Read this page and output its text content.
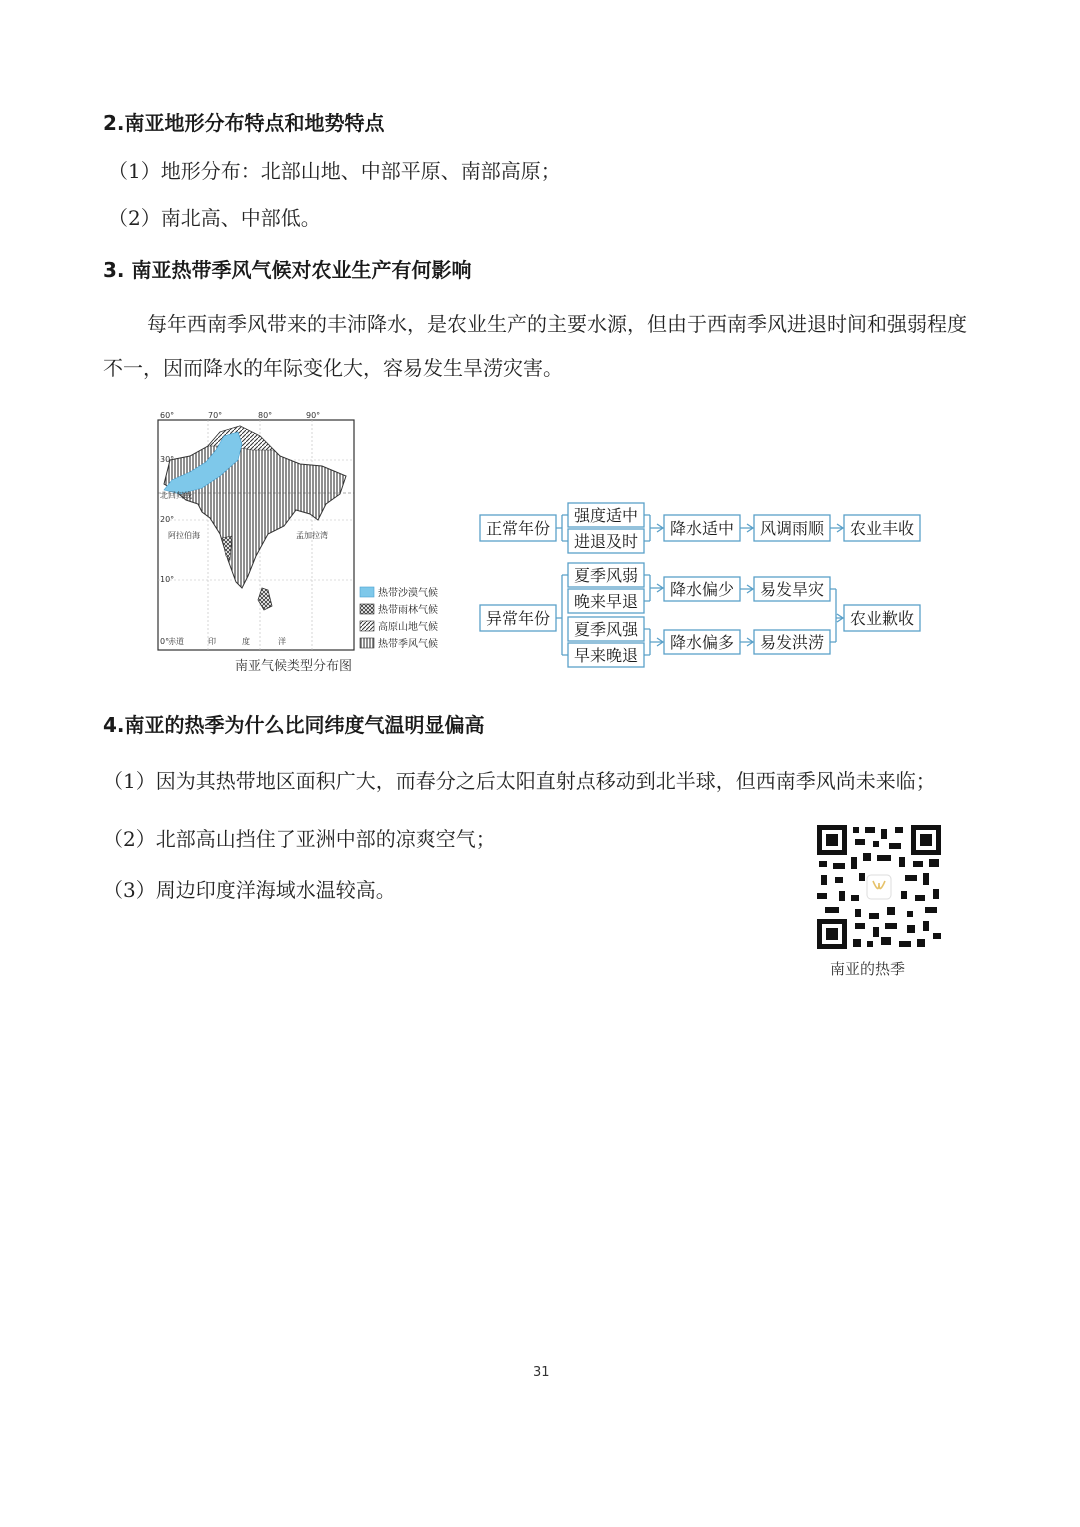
2.南亚地形分布特点和地势特点
（1）地形分布：北部山地、中部平原、南部高原；
（2）南北高、中部低。
3. 南亚热带季风气候对农业生产有何影响
每年西南季风带来的丰沛降水，是农业生产的主要水源，但由于西南季风进退时间和强弱程度不一，因而降水的年际变化大，容易发生旱涝灾害。
60°	70°	80°	90°
30°
20°
10°
0°
北回归线
阿拉伯海	孟加拉湾
赤道	印	度	洋
热带沙漠气候
热带雨林气候
高原山地气候
热带季风气候
南亚气候类型分布图
正常年份
强度适中
进退及时
降水适中 风调雨顺 农业丰收
异常年份
夏季风弱
晚来早退
降水偏少 易发旱灾
夏季风强
早来晚退
降水偏多 易发洪涝
农业歉收
4.南亚的热季为什么比同纬度气温明显偏高
（1）因为其热带地区面积广大，而春分之后太阳直射点移动到北半球，但西南季风尚未来临；
（2）北部高山挡住了亚洲中部的凉爽空气；
（3）周边印度洋海域水温较高。
南亚的热季
31
